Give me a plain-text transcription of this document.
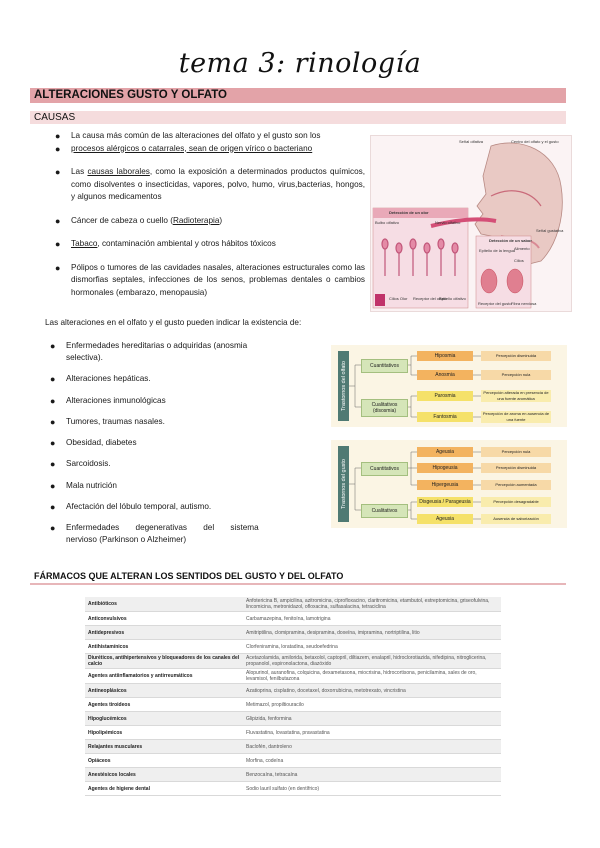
tema 3: rinología
ALTERACIONES GUSTO Y OLFATO
CAUSAS
● La causa más común de las alteraciones del olfato y el gusto son los
● procesos alérgicos o catarrales, sean de origen vírico o bacteriano
● Las causas laborales, como la exposición a determinados productos químicos, como disolventes o insecticidas, vapores, polvo, humo, virus,bacterias, hongos, y algunos medicamentos
● Cáncer de cabeza o cuello (Radioterapia)
● Tabaco, contaminación ambiental y otros hábitos tóxicos
● Pólipos o tumores de las cavidades nasales, alteraciones estructurales como las dismorfias septales, infecciones de los senos, problemas dentales o cambios hormonales (embarazo, menopausia)
Señal olfativa	Centro del olfato y el gusto
Detección de un olor
Bulbo olfativo	Nervio olfativo
Señal gustativa
Detección de un sabor
Epitelio de la lengua
Alimento
Cilios
Cilios Olor Receptor del olfato
Epitelio olfativo
Receptor del gusto Fibra nerviosa
Las alteraciones en el olfato y el gusto pueden indicar la existencia de:
● Enfermedades hereditarias o adquiridas (anosmia selectiva).
● Alteraciones hepáticas.
● Alteraciones inmunológicas
● Tumores, traumas nasales.
● Obesidad, diabetes
● Sarcoidosis.
● Mala nutrición
● Afectación del lóbulo temporal, autismo.
● Enfermedades degenerativas del sistema
nervioso (Parkinson o Alzheimer)
Trastornos del olfato	Cuantitativos
Cualitativos (disosmia)
Hiposmia
Anosmia
Parosmia
Fantosmia
Percepción disminuida
Percepción nula
Percepción alterada en presencia de una fuente aromática
Percepción de aroma en ausencia de una fuente
Trastornos del gusto	Cuantitativos
Cualitativos
Ageusia
Hipogeusia
Hipergeusia
Disgeusia / Parageusia
Ageusia
Percepción nula
Percepción disminuida
Percepción aumentada
Percepción desagradable
Ausencia de saborización
FÁRMACOS QUE ALTERAN LOS SENTIDOS DEL GUSTO Y DEL OLFATO
Antibióticos	Anfotericina B, ampicilina, azitromicina, ciprofloxacino, claritromicina, etambutol, estreptomicina, griseofulvina, lincomicina, metronidazol, ofloxacina, sulfasalacina, tetraciclina
Anticonvulsivos	Carbamazepina, fenitoína, lamotrigina
Antidepresivos	Amitriptilina, clomipramina, desipramina, doxeína, imipramina, nortriptilina, litio
Antihistamínicos	Clorfeniramina, loratadina, seudoefedrina
Diuréticos, antihipertensivos y bloqueadores de los canales del calcio	Acetazolamida, amilorida, betaxolol, captopril, diltiazem, enalapril, hidroclorotiazida, nifedipina, nitroglicerina, propanolol, espironolactona, diazóxido
Agentes antiinflamatorios y antirreumáticos	Alopurinol, auranofina, colquicina, dexametasona, miocrisina, hidrocortisona, penicilamina, sales de oro, levamisol, fenilbutazona
Antineoplásicos	Azatioprina, cisplatino, docetaxel, doxorrubicina, metotrexato, vincristina
Agentes tiroideos	Metimazol, propiltiouracilo
Hipoglucémicos	Glipizida, fenformina
Hipolipémicos	Fluvastatina, lovastatina, pravastatina
Relajantes musculares	Baclofén, dantroleno
Opiáceos	Morfina, codeína
Anestésicos locales	Benzocaína, tetracaína
Agentes de higiene dental	Sodio lauril sulfato (en dentífrico)
